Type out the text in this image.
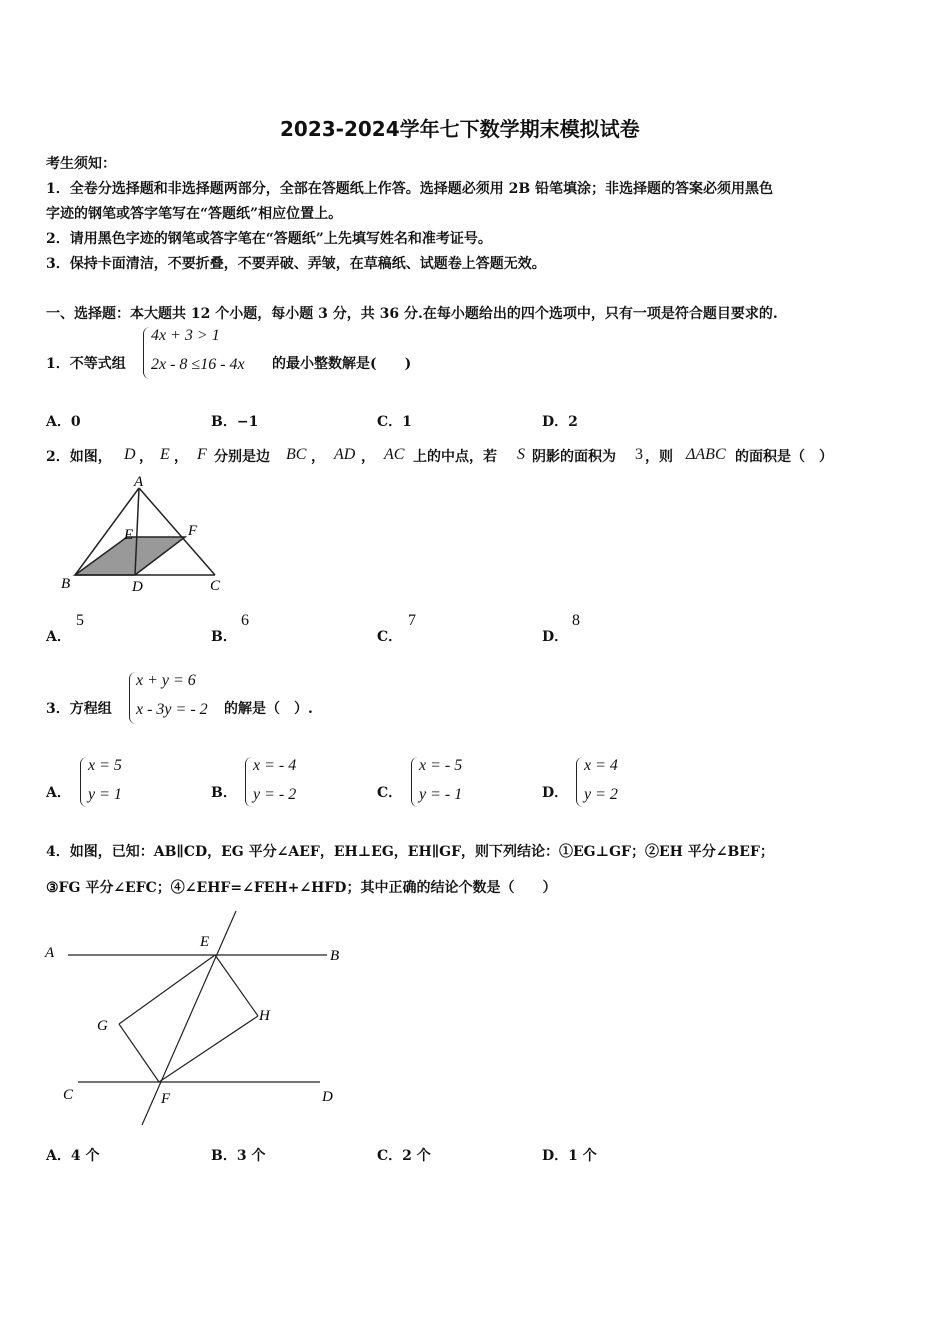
2023-2024学年七下数学期末模拟试卷
考生须知：
1．全卷分选择题和非选择题两部分，全部在答题纸上作答。选择题必须用 2B 铅笔填涂；非选择题的答案必须用黑色
字迹的钢笔或答字笔写在“答题纸”相应位置上。
2．请用黑色字迹的钢笔或答字笔在“答题纸”上先填写姓名和准考证号。
3．保持卡面清洁，不要折叠，不要弄破、弄皱，在草稿纸、试题卷上答题无效。
一、选择题：本大题共 12 个小题，每小题 3 分，共 36 分.在每小题给出的四个选项中，只有一项是符合题目要求的.
1．不等式组
4x + 3 > 1
2x - 8 ≤16 - 4x 的最小整数解是(　　)
A．0	B．−1	C．1	D．2
2．如图， D ， E ， F 分别是边 BC ， AD ， AC 上的中点，若 S 阴影的面积为 3 ，则 ΔABC 的面积是（　）
A
B	C
D
E	F
A．
5
B．
6
C．
7
D．
8
3．方程组
x + y = 6
x - 3y = - 2 的解是（　）.
A．
x = 5
y = 1	B．
x = - 4
y = - 2	C．
x = - 5
y = - 1	D．
x = 4
y = 2
4．如图，已知：AB∥CD，EG 平分∠AEF，EH⊥EG，EH∥GF，则下列结论：①EG⊥GF；②EH 平分∠BEF；
③FG 平分∠EFC；④∠EHF=∠FEH+∠HFD；其中正确的结论个数是（　　）
A	B
C	D
E
F
G
H
A．4 个	B．3 个	C．2 个	D．1 个
